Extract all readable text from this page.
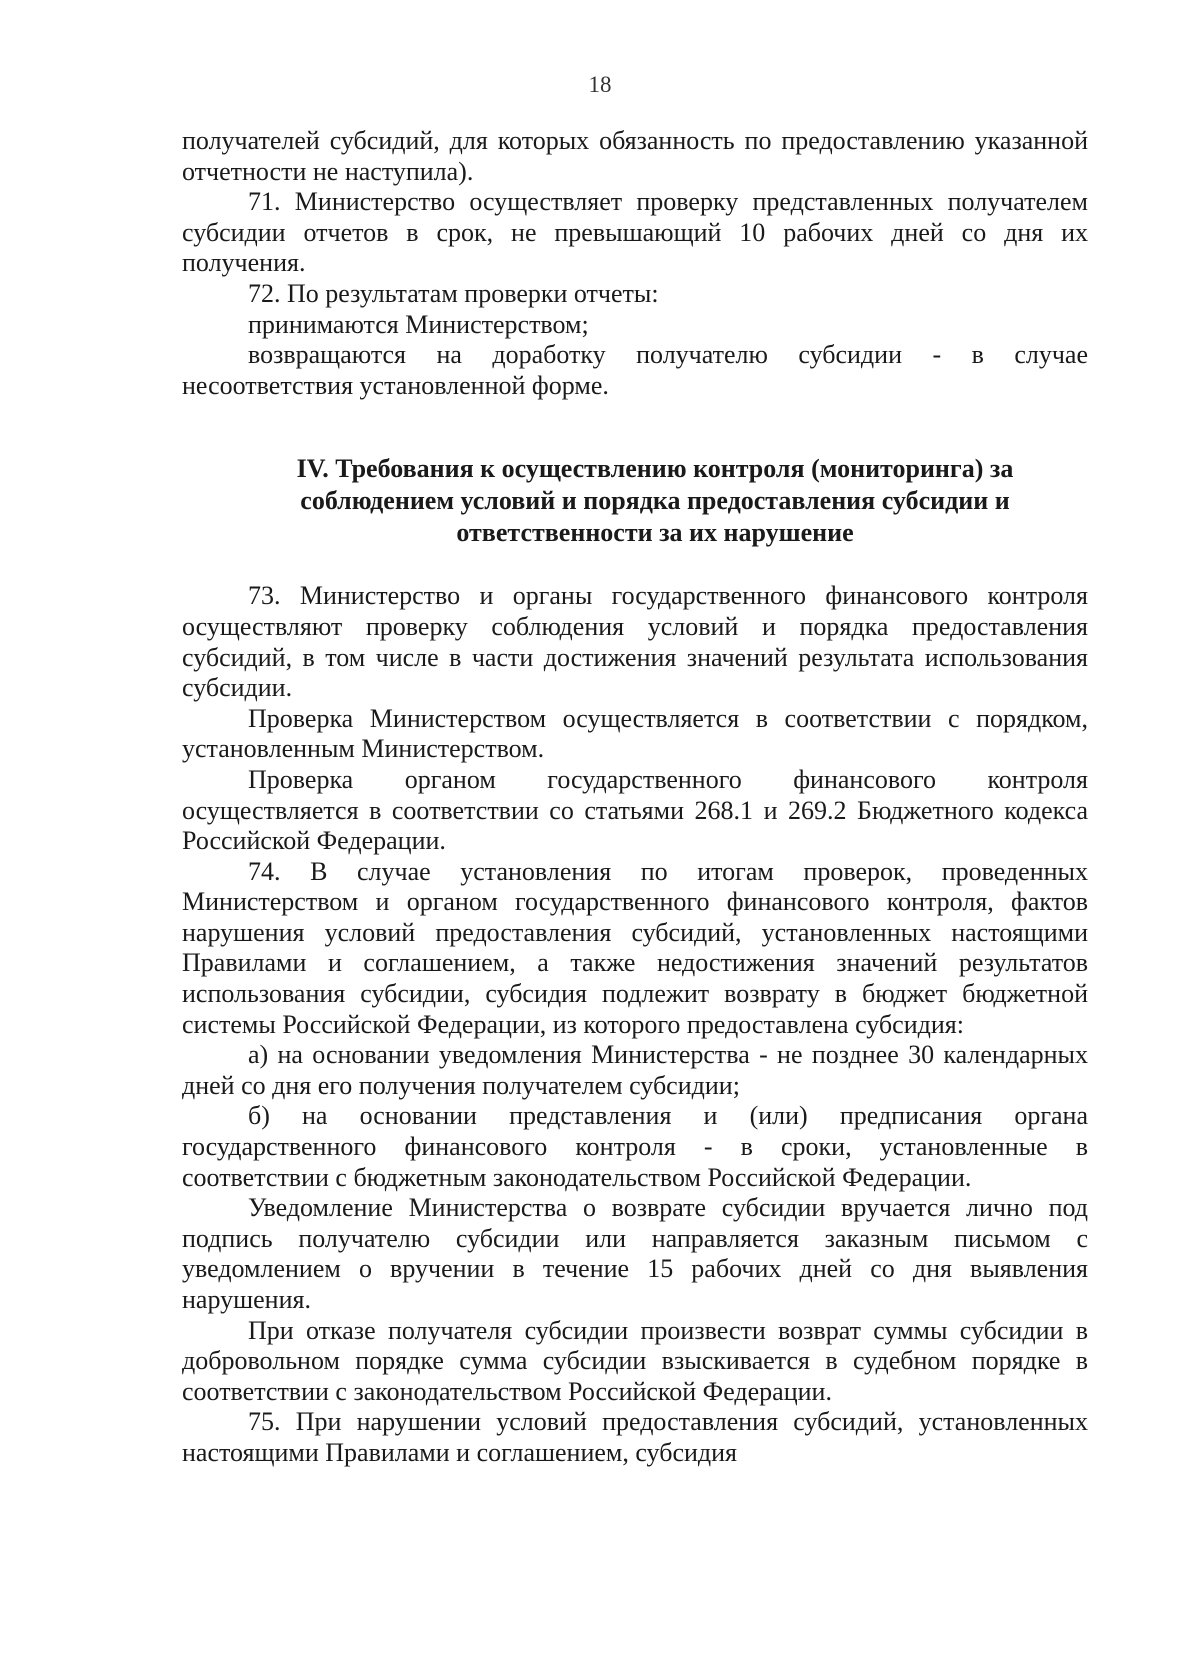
18

получателей субсидий, для которых обязанность по предоставлению указанной отчетности не наступила).

71. Министерство осуществляет проверку представленных получателем субсидии отчетов в срок, не превышающий 10 рабочих дней со дня их получения.

72. По результатам проверки отчеты:

принимаются Министерством;

возвращаются на доработку получателю субсидии - в случае несоответствия установленной форме.

IV. Требования к осуществлению контроля (мониторинга) за
соблюдением условий и порядка предоставления субсидии и
ответственности за их нарушение

73. Министерство и органы государственного финансового контроля осуществляют проверку соблюдения условий и порядка предоставления субсидий, в том числе в части достижения значений результата использования субсидии.

Проверка Министерством осуществляется в соответствии с порядком, установленным Министерством.

Проверка органом государственного финансового контроля осуществляется в соответствии со статьями 268.1 и 269.2 Бюджетного кодекса Российской Федерации.

74. В случае установления по итогам проверок, проведенных Министерством и органом государственного финансового контроля, фактов нарушения условий предоставления субсидий, установленных настоящими Правилами и соглашением, а также недостижения значений результатов использования субсидии, субсидия подлежит возврату в бюджет бюджетной системы Российской Федерации, из которого предоставлена субсидия:

а) на основании уведомления Министерства - не позднее 30 календарных дней со дня его получения получателем субсидии;

б) на основании представления и (или) предписания органа государственного финансового контроля - в сроки, установленные в соответствии с бюджетным законодательством Российской Федерации.

Уведомление Министерства о возврате субсидии вручается лично под подпись получателю субсидии или направляется заказным письмом с уведомлением о вручении в течение 15 рабочих дней со дня выявления нарушения.

При отказе получателя субсидии произвести возврат суммы субсидии в добровольном порядке сумма субсидии взыскивается в судебном порядке в соответствии с законодательством Российской Федерации.

75. При нарушении условий предоставления субсидий, установленных настоящими Правилами и соглашением, субсидия
